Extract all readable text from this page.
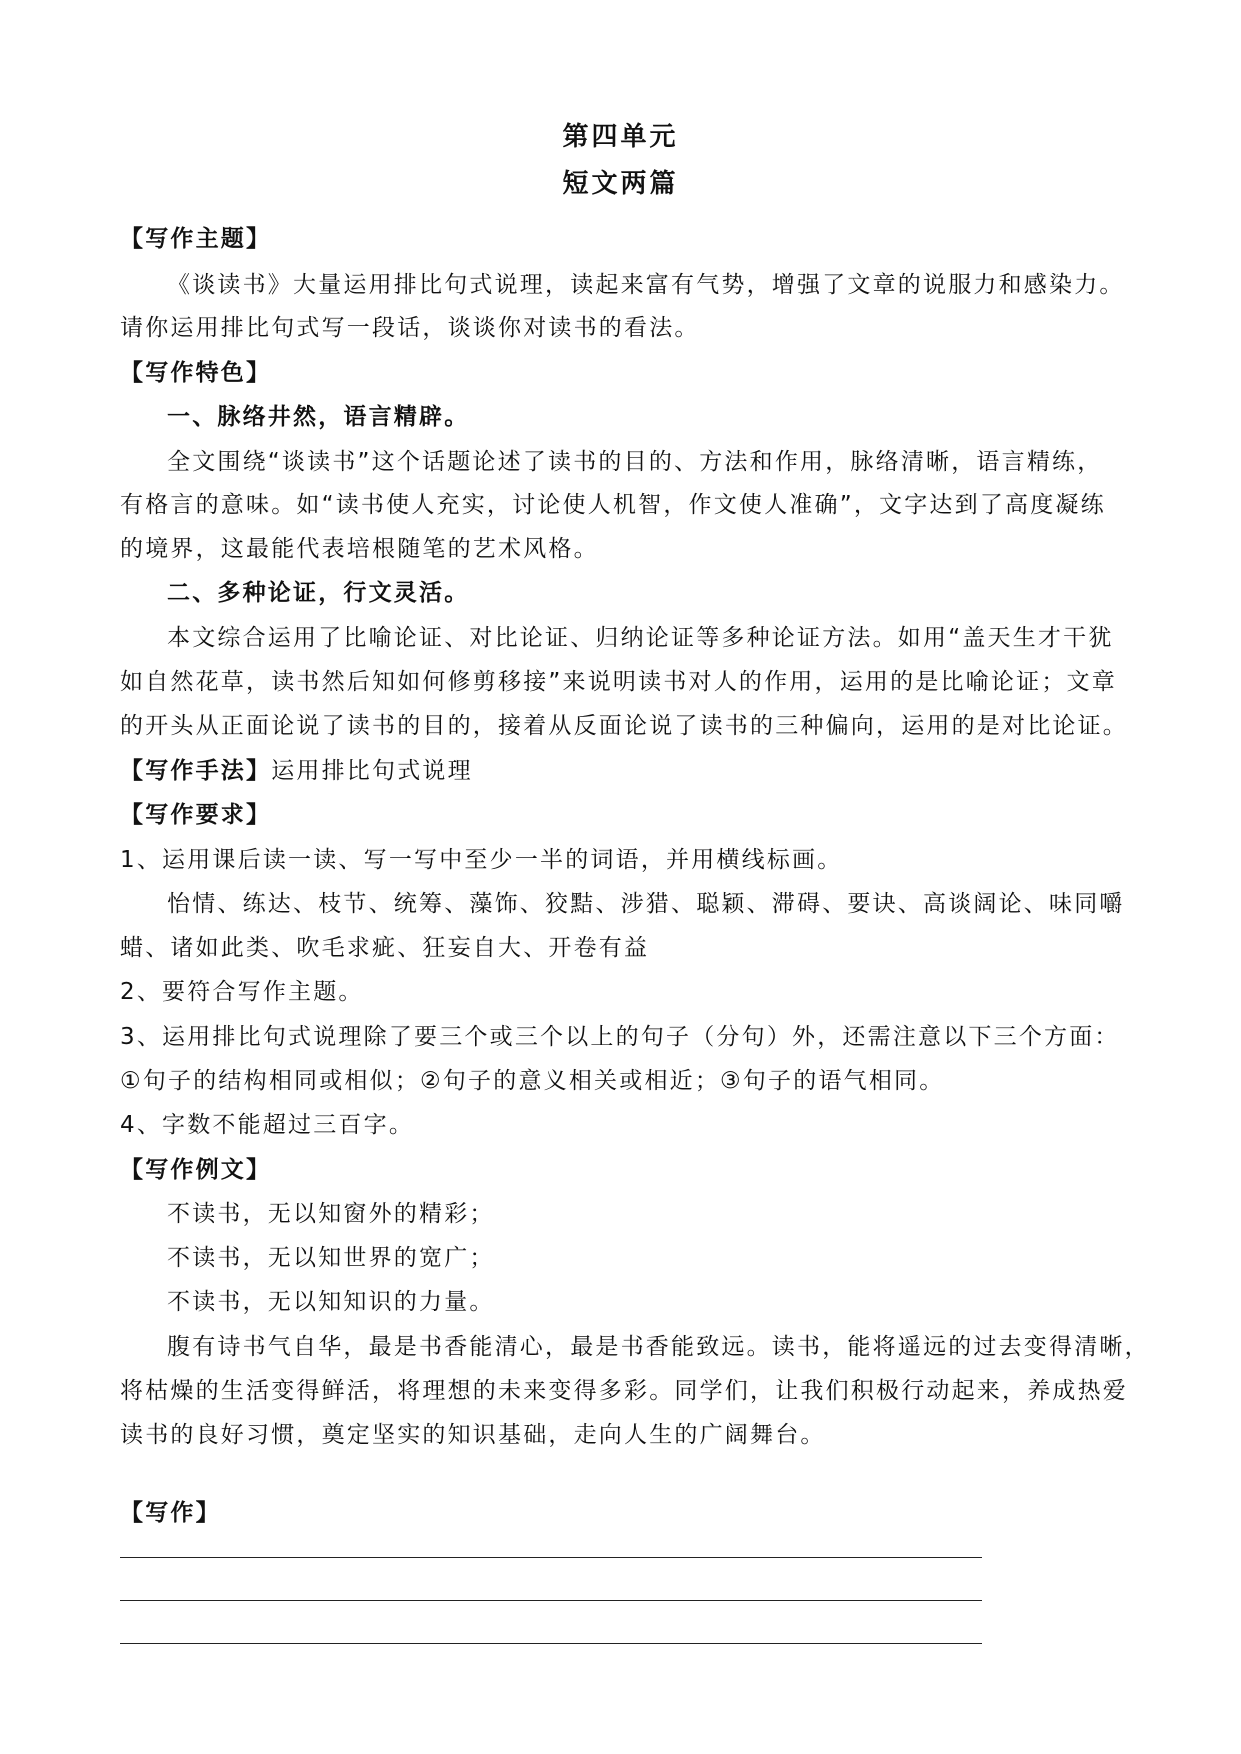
第四单元
短文两篇
【写作主题】
《谈读书》大量运用排比句式说理，读起来富有气势，增强了文章的说服力和感染力。
请你运用排比句式写一段话，谈谈你对读书的看法。
【写作特色】
一、脉络井然，语言精辟。
全文围绕“谈读书”这个话题论述了读书的目的、方法和作用，脉络清晰，语言精练，
有格言的意味。如“读书使人充实，讨论使人机智，作文使人准确”，文字达到了高度凝练
的境界，这最能代表培根随笔的艺术风格。
二、多种论证，行文灵活。
本文综合运用了比喻论证、对比论证、归纳论证等多种论证方法。如用“盖天生才干犹
如自然花草，读书然后知如何修剪移接”来说明读书对人的作用，运用的是比喻论证；文章
的开头从正面论说了读书的目的，接着从反面论说了读书的三种偏向，运用的是对比论证。
【写作手法】运用排比句式说理
【写作要求】
1、运用课后读一读、写一写中至少一半的词语，并用横线标画。
怡情、练达、枝节、统筹、藻饰、狡黠、涉猎、聪颖、滞碍、要诀、高谈阔论、味同嚼
蜡、诸如此类、吹毛求疵、狂妄自大、开卷有益
2、要符合写作主题。
3、运用排比句式说理除了要三个或三个以上的句子（分句）外，还需注意以下三个方面：
①句子的结构相同或相似；②句子的意义相关或相近；③句子的语气相同。
4、字数不能超过三百字。
【写作例文】
不读书，无以知窗外的精彩；
不读书，无以知世界的宽广；
不读书，无以知知识的力量。
腹有诗书气自华，最是书香能清心，最是书香能致远。读书，能将遥远的过去变得清晰，
将枯燥的生活变得鲜活，将理想的未来变得多彩。同学们，让我们积极行动起来，养成热爱
读书的良好习惯，奠定坚实的知识基础，走向人生的广阔舞台。
【写作】
